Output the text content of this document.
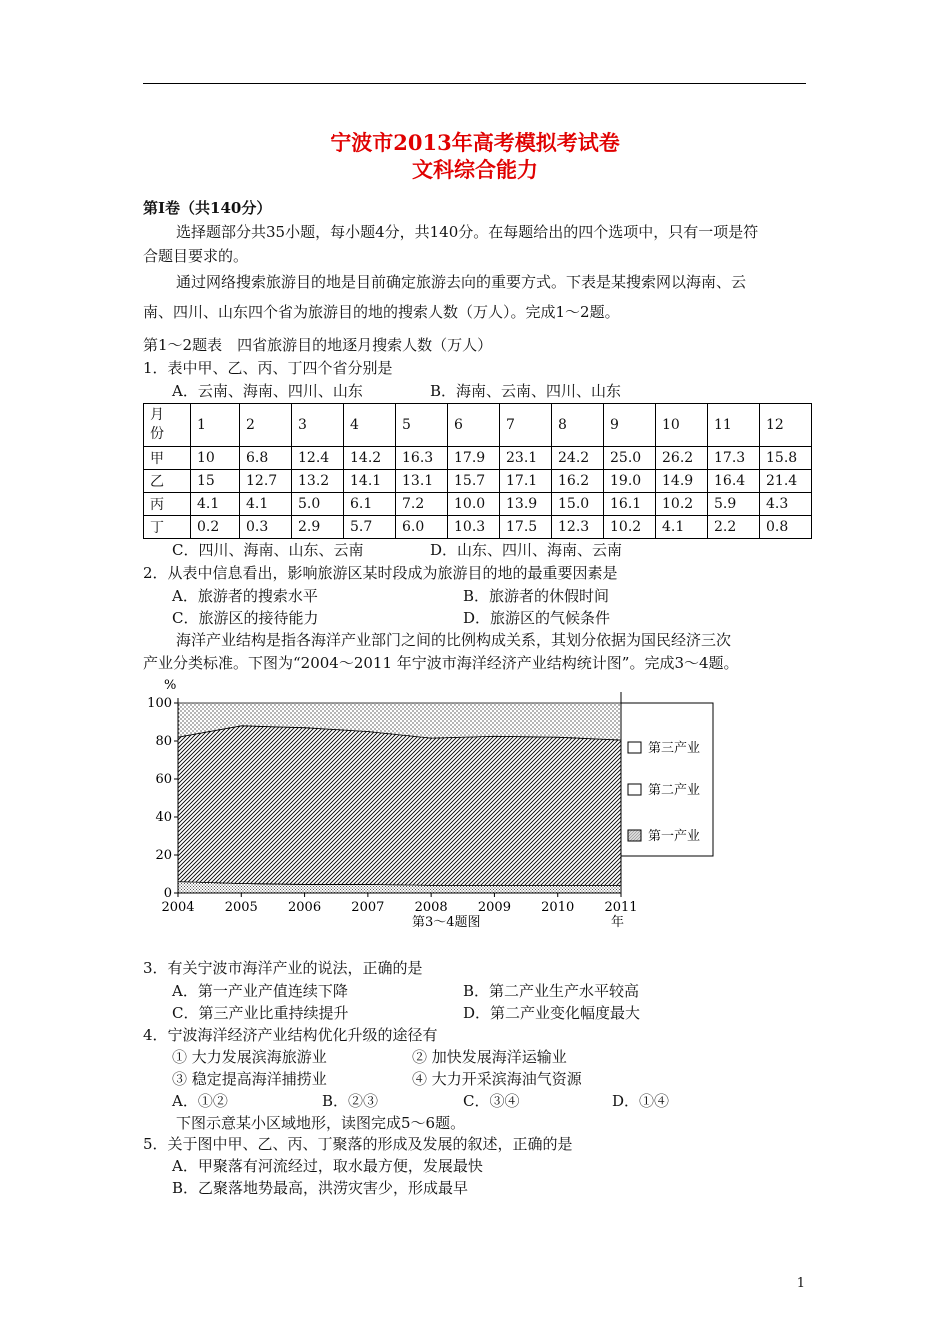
宁波市2013年高考模拟考试卷
文科综合能力
第Ⅰ卷（共140分）
选择题部分共35小题，每小题4分，共140分。在每题给出的四个选项中，只有一项是符
合题目要求的。
通过网络搜索旅游目的地是目前确定旅游去向的重要方式。下表是某搜索网以海南、云
南、四川、山东四个省为旅游目的地的搜索人数（万人）。完成1～2题。
第1～2题表　四省旅游目的地逐月搜索人数（万人）
1．表中甲、乙、丙、丁四个省分别是
A．云南、海南、四川、山东	B．海南、云南、四川、山东
月
份	1	2	3	4	5	6	7	8	9	10	11	12
甲	10	6.8	12.4	14.2	16.3	17.9	23.1	24.2	25.0	26.2	17.3	15.8
乙	15	12.7	13.2	14.1	13.1	15.7	17.1	16.2	19.0	14.9	16.4	21.4
丙	4.1	4.1	5.0	6.1	7.2	10.0	13.9	15.0	16.1	10.2	5.9	4.3
丁	0.2	0.3	2.9	5.7	6.0	10.3	17.5	12.3	10.2	4.1	2.2	0.8
C．四川、海南、山东、云南	D．山东、四川、海南、云南
2．从表中信息看出，影响旅游区某时段成为旅游目的地的最重要因素是
A．旅游者的搜索水平	B．旅游者的休假时间
C．旅游区的接待能力	D．旅游区的气候条件
海洋产业结构是指各海洋产业部门之间的比例构成关系，其划分依据为国民经济三次
产业分类标准。下图为“2004～2011 年宁波市海洋经济产业结构统计图”。完成3～4题。
0
20
40
60
80
100
2004 2005 2006 2007 2008 2009 2010 2011
%
年
第3～4题图
第三产业
第二产业
第一产业
3．有关宁波市海洋产业的说法，正确的是
A．第一产业产值连续下降	B．第二产业生产水平较高
C．第三产业比重持续提升	D．第二产业变化幅度最大
4．宁波海洋经济产业结构优化升级的途径有
① 大力发展滨海旅游业	② 加快发展海洋运输业
③ 稳定提高海洋捕捞业	④ 大力开采滨海油气资源
A．①②	B．②③	C．③④	D．①④
下图示意某小区域地形，读图完成5～6题。
5．关于图中甲、乙、丙、丁聚落的形成及发展的叙述，正确的是
A．甲聚落有河流经过，取水最方便，发展最快
B．乙聚落地势最高，洪涝灾害少，形成最早
1
